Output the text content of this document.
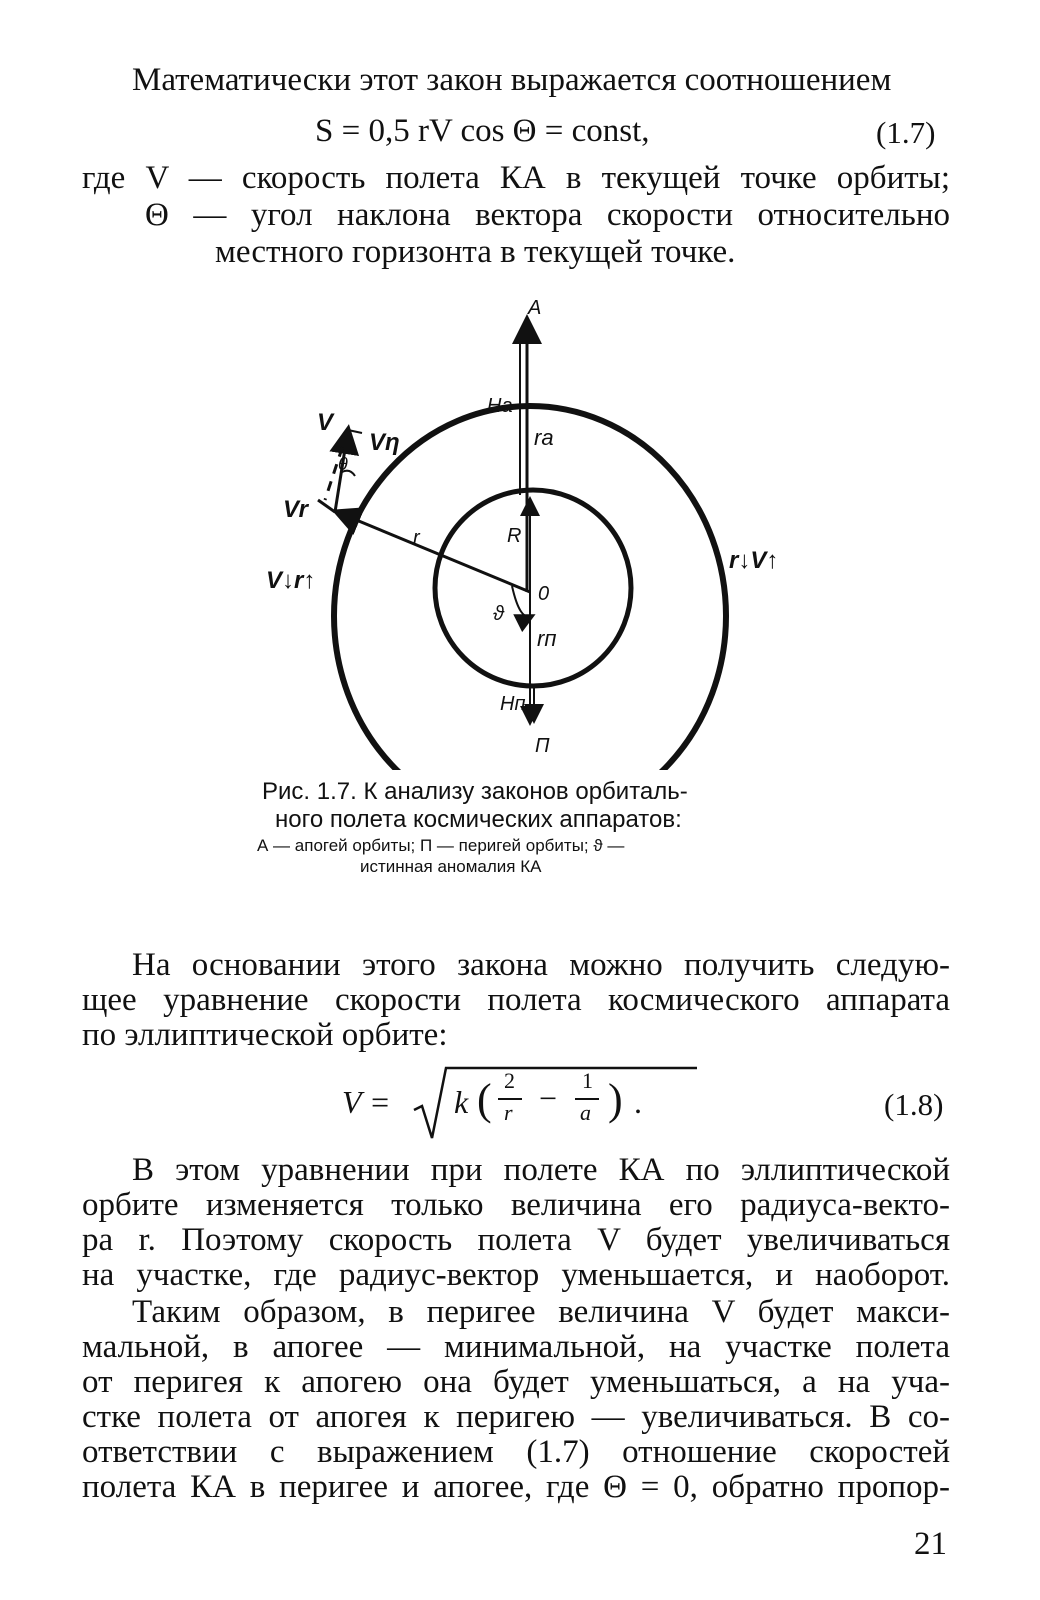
Математически этот закон выражается соотношением
S = 0,5 rV cos Θ = const,	(1.7)
где V — скорость полета КА в текущей точке орбиты;
Θ — угол наклона вектора скорости относительно
местного горизонта в текущей точке.
A
П
0
R
r
ra
rп
Hа
Hп
V
Vr
Vη
θ
ϑ
V↓r↑
r↓V↑
Рис. 1.7. К анализу законов орбиталь-
ного полета космических аппаратов:
А — апогей орбиты; П — перигей орбиты; ϑ —
истинная аномалия КА
На основании этого закона можно получить следую-
щее уравнение скорости полета космического аппарата
по эллиптической орбите:
V = k ( 2
r − 1
a ) .	(1.8)
В этом уравнении при полете КА по эллиптической
орбите изменяется только величина его радиуса-векто-
ра r. Поэтому скорость полета V будет увеличиваться
на участке, где радиус-вектор уменьшается, и наоборот.
Таким образом, в перигее величина V будет макси-
мальной, в апогее — минимальной, на участке полета
от перигея к апогею она будет уменьшаться, а на уча-
стке полета от апогея к перигею — увеличиваться. В со-
ответствии с выражением (1.7) отношение скоростей
полета КА в перигее и апогее, где Θ = 0, обратно пропор-
21
